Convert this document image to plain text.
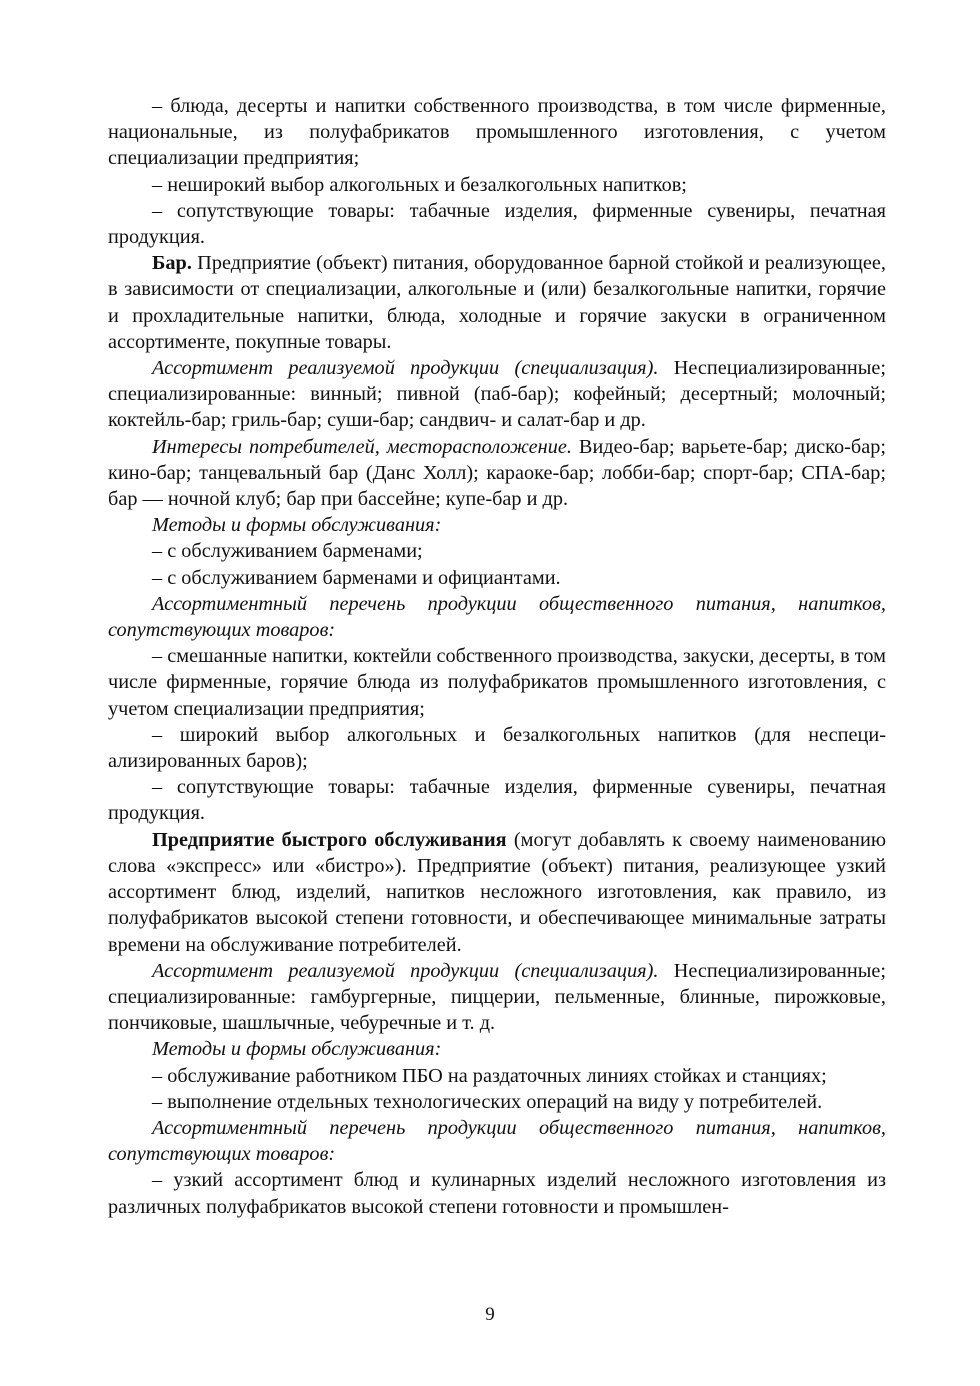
– блюда, десерты и напитки собственного производства, в том числе фирменные, национальные, из полуфабрикатов промышленного изготовления, с учетом специализации предприятия;

– неширокий выбор алкогольных и безалкогольных напитков;

– сопутствующие товары: табачные изделия, фирменные сувениры, печатная продукция.

Бар. Предприятие (объект) питания, оборудованное барной стойкой и реализующее, в зависимости от специализации, алкогольные и (или) безалкогольные напитки, горячие и прохладительные напитки, блюда, холодные и горячие закуски в ограниченном ассортименте, покупные товары.

Ассортимент реализуемой продукции (специализация). Неспециализированные; специализированные: винный; пивной (паб-бар); кофейный; десертный; молочный; коктейль-бар; гриль-бар; суши-бар; сандвич- и салат-бар и др.

Интересы потребителей, месторасположение. Видео-бар; варьете-бар; диско-бар; кино-бар; танцевальный бар (Данс Холл); караоке-бар; лобби-бар; спорт-бар; СПА-бар; бар — ночной клуб; бар при бассейне; купе-бар и др.

Методы и формы обслуживания:

– с обслуживанием барменами;

– с обслуживанием барменами и официантами.

Ассортиментный перечень продукции общественного питания, напитков, сопутствующих товаров:

– смешанные напитки, коктейли собственного производства, закуски, десерты, в том числе фирменные, горячие блюда из полуфабрикатов промышленного изготовления, с учетом специализации предприятия;

– широкий выбор алкогольных и безалкогольных напитков (для неспециализированных баров);

– сопутствующие товары: табачные изделия, фирменные сувениры, печатная продукция.

Предприятие быстрого обслуживания (могут добавлять к своему наименованию слова «экспресс» или «бистро»). Предприятие (объект) питания, реализующее узкий ассортимент блюд, изделий, напитков несложного изготовления, как правило, из полуфабрикатов высокой степени готовности, и обеспечивающее минимальные затраты времени на обслуживание потребителей.

Ассортимент реализуемой продукции (специализация). Неспециализированные; специализированные: гамбургерные, пиццерии, пельменные, блинные, пирожковые, пончиковые, шашлычные, чебуречные и т. д.

Методы и формы обслуживания:

– обслуживание работником ПБО на раздаточных линиях стойках и станциях;

– выполнение отдельных технологических операций на виду у потребителей.

Ассортиментный перечень продукции общественного питания, напитков, сопутствующих товаров:

– узкий ассортимент блюд и кулинарных изделий несложного изготовления из различных полуфабрикатов высокой степени готовности и промышлен-

9
